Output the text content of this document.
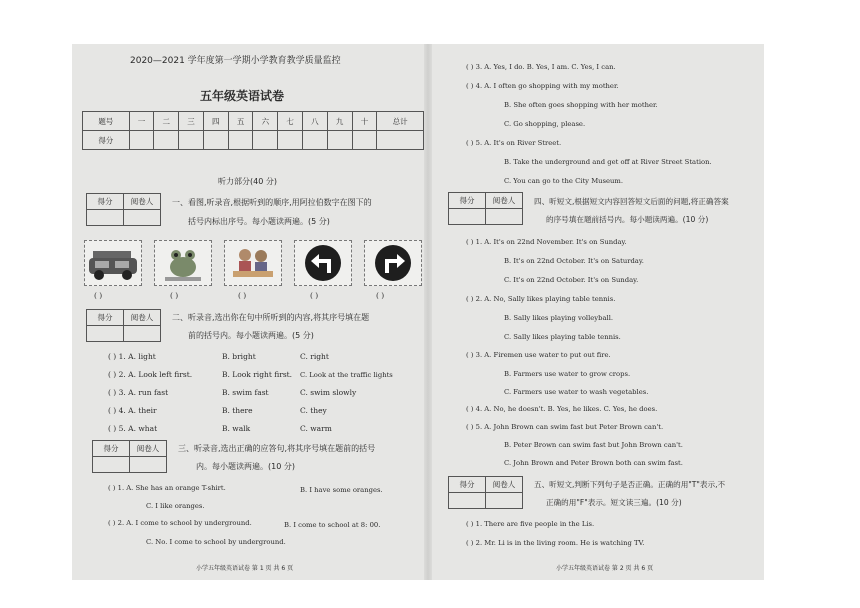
2020—2021 学年度第一学期小学教育教学质量监控
五年级英语试卷
题号	一	二	三	四	五	六	七	八	九	十	总计
得分											
听力部分(40 分)
得分	阅卷人
	一、看图,听录音,根据听到的顺序,用阿拉伯数字在图下的
括号内标出序号。每小题读两遍。(5 分)
( )	( )	( )	( )	( )
得分	阅卷人
	二、听录音,选出你在句中所听到的内容,将其序号填在题
前的括号内。每小题读两遍。(5 分)
( ) 1. A. light	B. bright	C. right
( ) 2. A. Look left first.	B. Look right first. C. Look at the traffic lights
( ) 3. A. run fast	B. swim fast	C. swim slowly
( ) 4. A. their	B. there	C. they
( ) 5. A. what	B. walk	C. warm
得分	阅卷人
	三、听录音,选出正确的应答句,将其序号填在题前的括号
内。每小题读两遍。(10 分)
( ) 1. A. She has an orange T-shirt.	B. I have some oranges.
C. I like oranges.
( ) 2. A. I come to school by underground.	B. I come to school at 8: 00.
C. No. I come to school by underground.
小学五年级英语试卷 第 1 页 共 6 页
( ) 3. A. Yes, I do. B. Yes, I am. C. Yes, I can.
( ) 4. A. I often go shopping with my mother.
B. She often goes shopping with her mother.
C. Go shopping, please.
( ) 5. A. It's on River Street.
B. Take the underground and get off at River Street Station.
C. You can go to the City Museum.
得分	阅卷人
	四、听短文,根据短文内容回答短文后面的问题,将正确答案
的序号填在题前括号内。每小题读两遍。(10 分)
( ) 1. A. It's on 22nd November. It's on Sunday.
B. It's on 22nd October. It's on Saturday.
C. It's on 22nd October. It's on Sunday.
( ) 2. A. No, Sally likes playing table tennis.
B. Sally likes playing volleyball.
C. Sally likes playing table tennis.
( ) 3. A. Firemen use water to put out fire.
B. Farmers use water to grow crops.
C. Farmers use water to wash vegetables.
( ) 4. A. No, he doesn't. B. Yes, he likes. C. Yes, he does.
( ) 5. A. John Brown can swim fast but Peter Brown can't.
B. Peter Brown can swim fast but John Brown can't.
C. John Brown and Peter Brown both can swim fast.
得分	阅卷人
	五、听短文,判断下列句子是否正确。正确的用"T"表示,不
正确的用"F"表示。短文读三遍。(10 分)
( ) 1. There are five people in the Lis.
( ) 2. Mr. Li is in the living room. He is watching TV.
小学五年级英语试卷 第 2 页 共 6 页
